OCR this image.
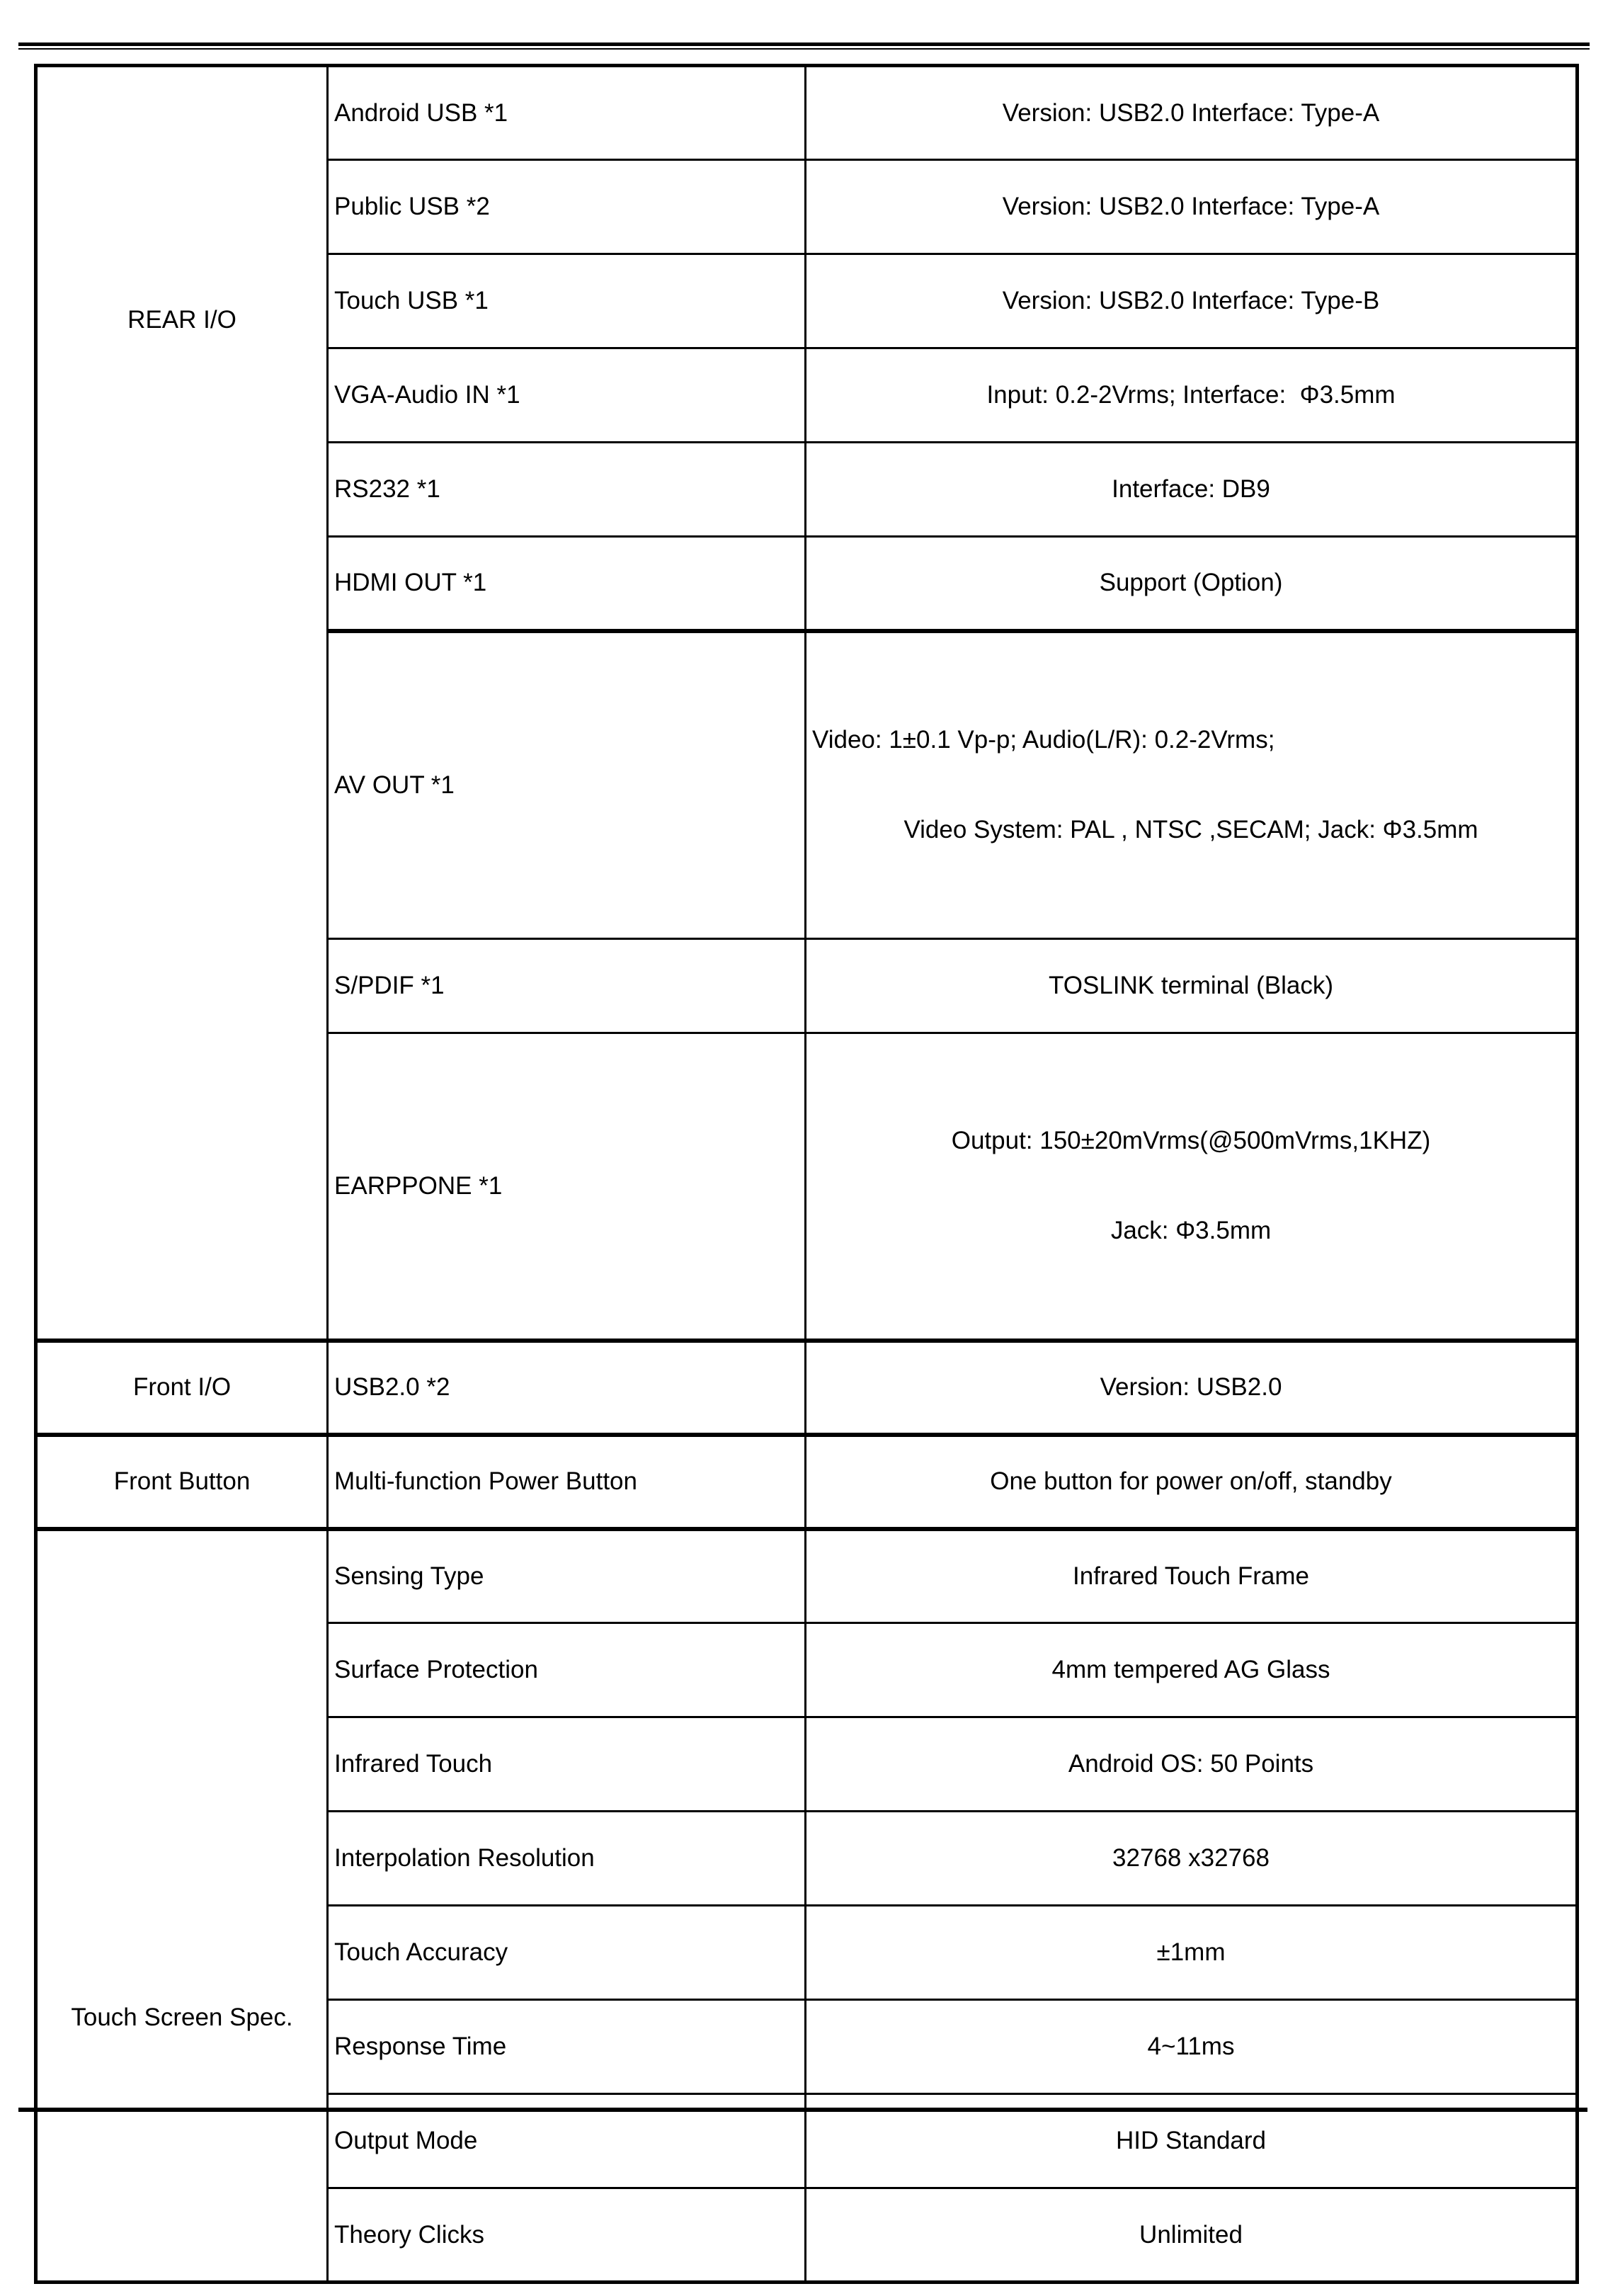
REAR I/O	Android USB *1	Version: USB2.0 Interface: Type-A
	Public USB *2	Version: USB2.0 Interface: Type-A
	Touch USB *1	Version: USB2.0 Interface: Type-B
	VGA-Audio IN *1	Input: 0.2-2Vrms; Interface:  Φ3.5mm
	RS232 *1	Interface: DB9
	HDMI OUT *1	Support (Option)
	AV OUT *1	Video: 1±0.1 Vp-p; Audio(L/R): 0.2-2Vrms;
Video System: PAL , NTSC ,SECAM; Jack: Φ3.5mm

	S/PDIF *1	TOSLINK terminal (Black)
	EARPPONE *1	Output: 150±20mVrms(@500mVrms,1KHZ)
Jack: Φ3.5mm

Front I/O	USB2.0 *2	Version: USB2.0
Front Button	Multi-function Power Button	One button for power on/off, standby

Touch Screen Spec.	Sensing Type	Infrared Touch Frame
	Surface Protection	4mm tempered AG Glass
	Infrared Touch	Android OS: 50 Points
	Interpolation Resolution	32768 x32768
	Touch Accuracy	±1mm
	Response Time	4~11ms
	Output Mode	HID Standard
	Theory Clicks	Unlimited
